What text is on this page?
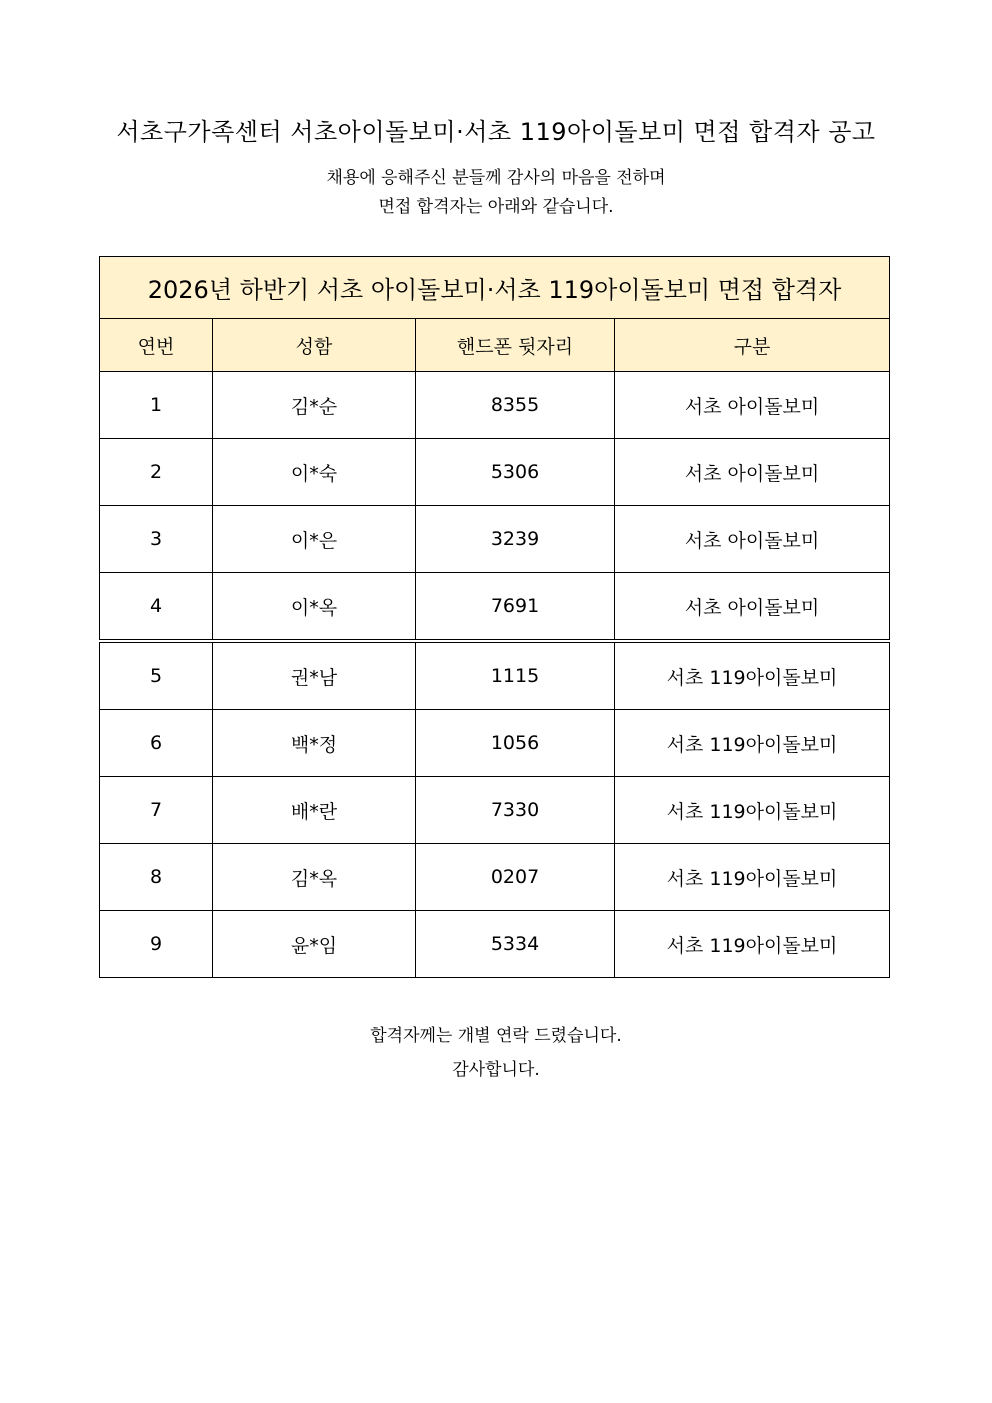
서초구가족센터 서초아이돌보미·서초 119아이돌보미 면접 합격자 공고
채용에 응해주신 분들께 감사의 마음을 전하며
면접 합격자는 아래와 같습니다.
2026년 하반기 서초 아이돌보미·서초 119아이돌보미 면접 합격자			
연번	성함	핸드폰 뒷자리	구분
1	김*순	8355	서초 아이돌보미
2	이*숙	5306	서초 아이돌보미
3	이*은	3239	서초 아이돌보미
4	이*옥	7691	서초 아이돌보미
5	권*남	1115	서초 119아이돌보미
6	백*정	1056	서초 119아이돌보미
7	배*란	7330	서초 119아이돌보미
8	김*옥	0207	서초 119아이돌보미
9	윤*임	5334	서초 119아이돌보미
합격자께는 개별 연락 드렸습니다.
감사합니다.
